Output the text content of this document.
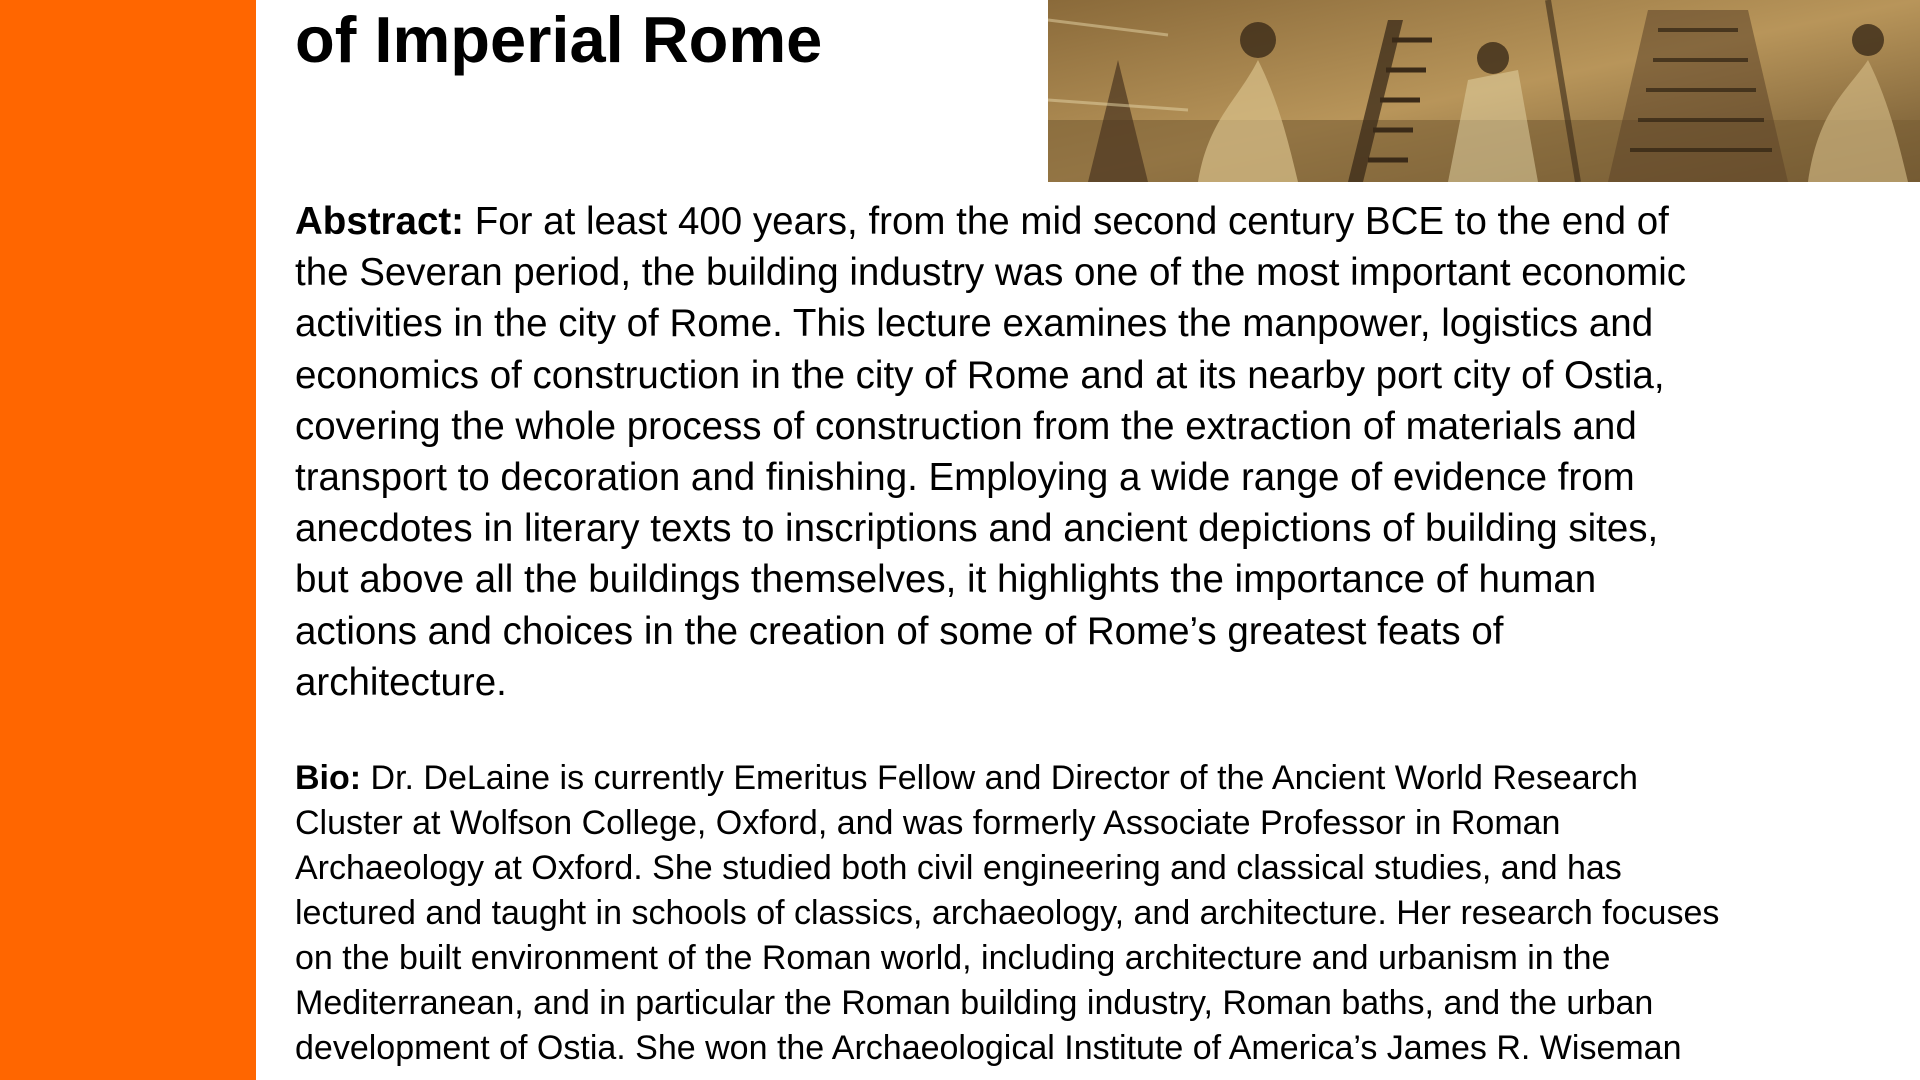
of Imperial Rome

Abstract: For at least 400 years, from the mid second century BCE to the end of
the Severan period, the building industry was one of the most important economic
activities in the city of Rome. This lecture examines the manpower, logistics and
economics of construction in the city of Rome and at its nearby port city of Ostia,
covering the whole process of construction from the extraction of materials and
transport to decoration and finishing. Employing a wide range of evidence from
anecdotes in literary texts to inscriptions and ancient depictions of building sites,
but above all the buildings themselves, it highlights the importance of human
actions and choices in the creation of some of Rome’s greatest feats of
architecture.

Bio: Dr. DeLaine is currently Emeritus Fellow and Director of the Ancient World Research
Cluster at Wolfson College, Oxford, and was formerly Associate Professor in Roman
Archaeology at Oxford. She studied both civil engineering and classical studies, and has
lectured and taught in schools of classics, archaeology, and architecture. Her research focuses
on the built environment of the Roman world, including architecture and urbanism in the
Mediterranean, and in particular the Roman building industry, Roman baths, and the urban
development of Ostia. She won the Archaeological Institute of America’s James R. Wiseman
